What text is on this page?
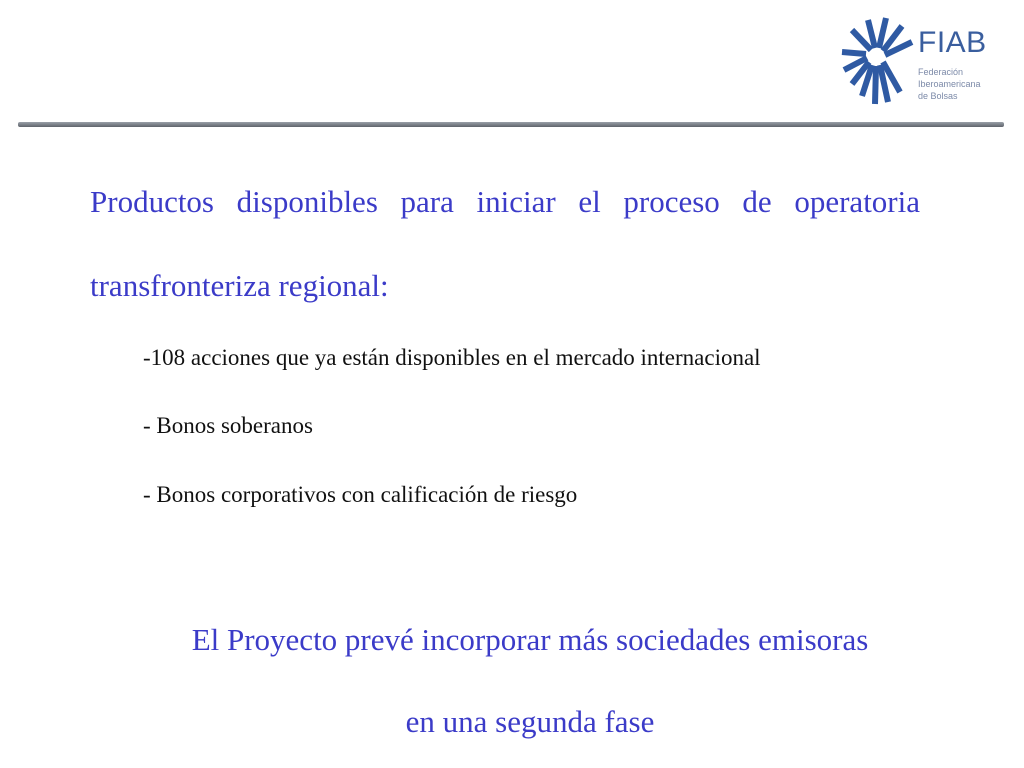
FIAB
Federación
Iberoamericana
de Bolsas
Productos disponibles para iniciar el proceso de operatoria
transfronteriza regional:
-108 acciones que ya están disponibles en el mercado internacional
- Bonos soberanos
- Bonos corporativos con calificación de riesgo
El Proyecto prevé incorporar más sociedades emisoras
en una segunda fase
